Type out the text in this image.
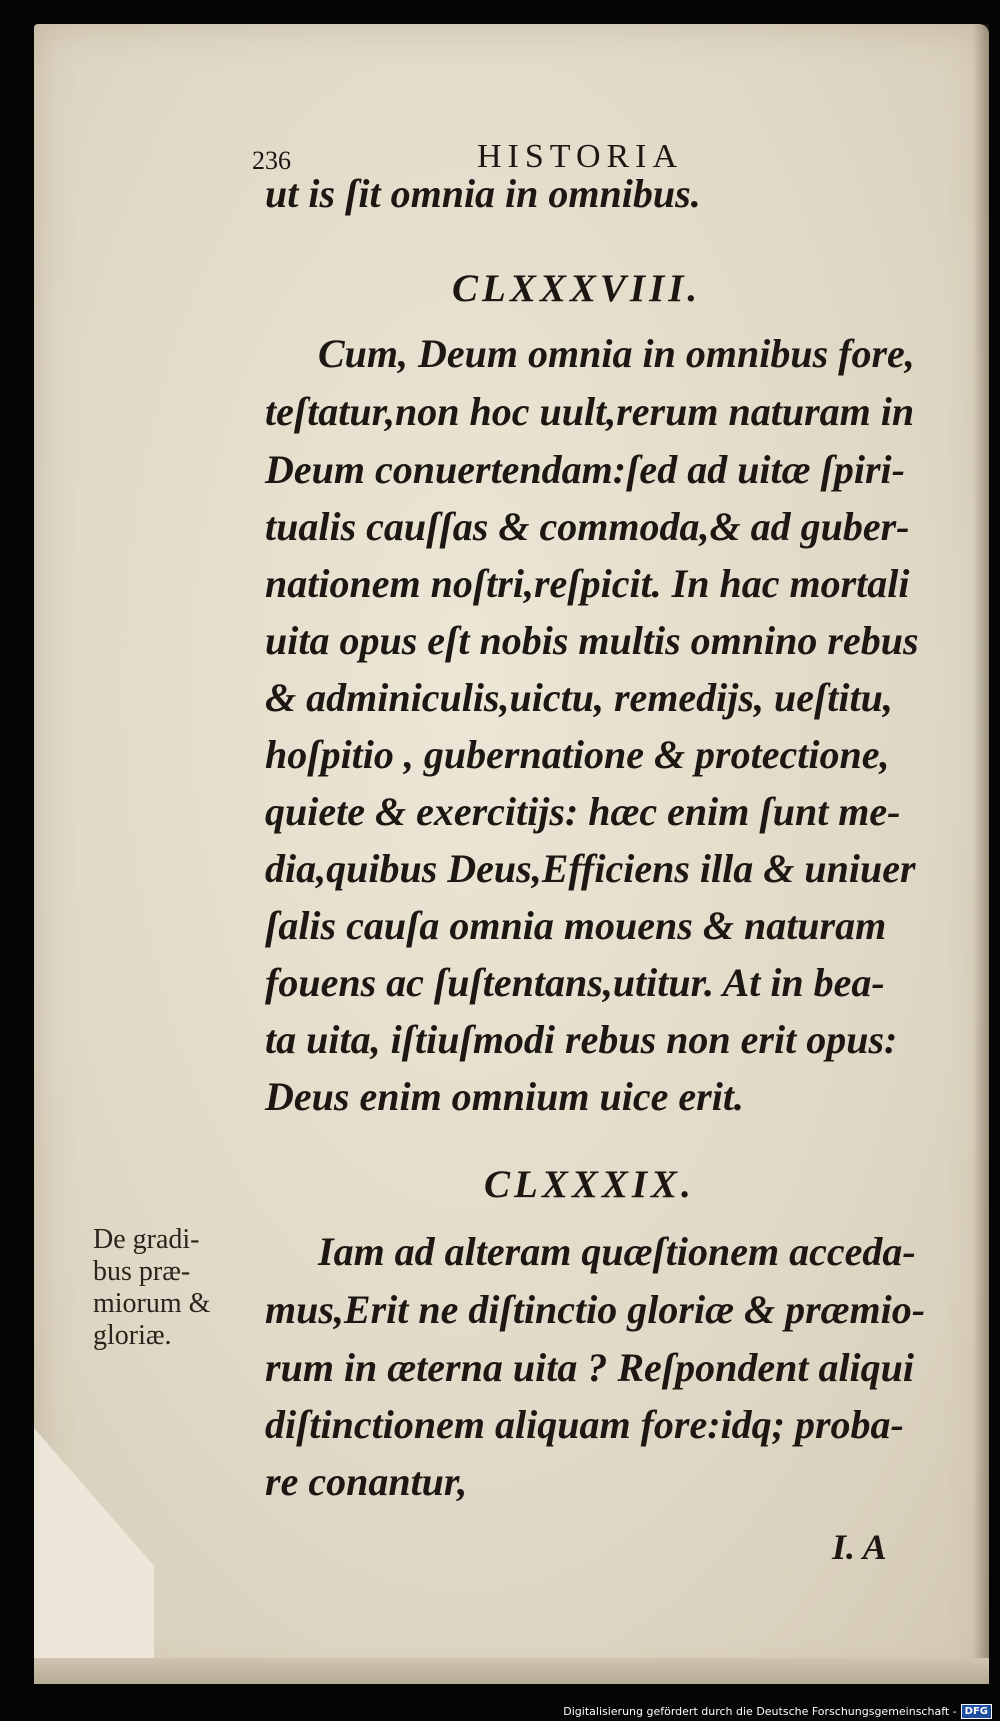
236	HISTORIA
ut is ſit omnia in omnibus.
CLXXXVIII.
Cum, Deum omnia in omnibus fore,
teſtatur,non hoc uult,rerum naturam in
Deum conuertendam:ſed ad uitæ ſpiri-
tualis cauſſas & commoda,& ad guber-
nationem noſtri,reſpicit. In hac mortali
uita opus eſt nobis multis omnino rebus
& adminiculis,uictu, remedijs, ueſtitu,
hoſpitio , gubernatione & protectione,
quiete & exercitijs: hæc enim ſunt me-
dia,quibus Deus,Efficiens illa & uniuer
ſalis cauſa omnia mouens & naturam
fouens ac ſuſtentans,utitur. At in bea-
ta uita, iſtiuſmodi rebus non erit opus:
Deus enim omnium uice erit.
CLXXXIX.
Iam ad alteram quæſtionem acceda-
mus,Erit ne diſtinctio gloriæ & præmio-
rum in æterna uita ? Reſpondent aliqui
diſtinctionem aliquam fore:idq; proba-
re conantur,
De gradi-
bus præ-
miorum &
gloriæ.
I. A
Digitalisierung gefördert durch die Deutsche Forschungsgemeinschaft - DFG
